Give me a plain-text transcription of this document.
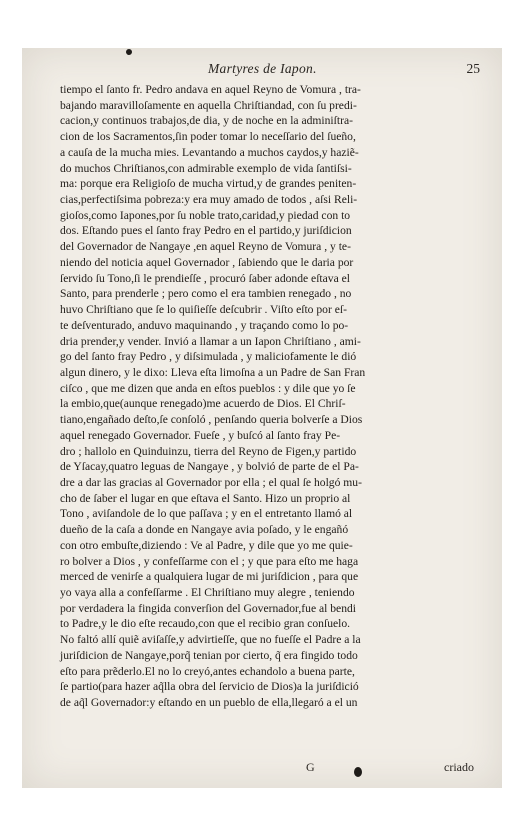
Martyres de Iapon.	25
tiempo el ſanto fr. Pedro andava en aquel Reyno de Vomura , tra-
bajando maravilloſamente en aquella Chriſtiandad, con ſu predi-
cacion,y continuos trabajos,de dia, y de noche en la adminiſtra-
cion de los Sacramentos,ſin poder tomar lo neceſſario del ſueño,
a cauſa de la mucha mies. Levantando a muchos caydos,y haziẽ-
do muchos Chriſtianos,con admirable exemplo de vida ſantiſsi-
ma: porque era Religioſo de mucha virtud,y de grandes peniten-
cias,perfectiſsima pobreza:y era muy amado de todos , aſsi Reli-
gioſos,como Iapones,por ſu noble trato,caridad,y piedad con to
dos. Eſtando pues el ſanto fray Pedro en el partido,y juriſdicion
del Governador de Nangaye ,en aquel Reyno de Vomura , y te-
niendo del noticia aquel Governador , ſabiendo que le daria por
ſervido ſu Tono,ſi le prendieſſe , procuró ſaber adonde eſtava el
Santo, para prenderle ; pero como el era tambien renegado , no
huvo Chriſtiano que ſe lo quiſieſſe deſcubrir . Viſto eſto por eſ-
te deſventurado, anduvo maquinando , y traçando como lo po-
dria prender,y vender. Invió a llamar a un Iapon Chriſtiano , ami-
go del ſanto fray Pedro , y diſsimulada , y maliciofamente le dió
algun dinero, y le dixo: Lleva eſta limoſna a un Padre de San Fran
ciſco , que me dizen que anda en eſtos pueblos : y dile que yo ſe
la embio,que(aunque renegado)me acuerdo de Dios. El Chriſ-
tiano,engañado deſto,ſe conſoló , penſando queria bolverſe a Dios
aquel renegado Governador. Fueſe , y buſcó al ſanto fray Pe-
dro ; hallolo en Quinduinzu, tierra del Reyno de Figen,y partido
de Yſacay,quatro leguas de Nangaye , y bolvió de parte de el Pa-
dre a dar las gracias al Governador por ella ; el qual ſe holgó mu-
cho de ſaber el lugar en que eſtava el Santo. Hizo un proprio al
Tono , aviſandole de lo que paſſava ; y en el entretanto llamó al
dueño de la caſa a donde en Nangaye avia poſado, y le engañó
con otro embuſte,diziendo : Ve al Padre, y dile que yo me quie-
ro bolver a Dios , y confeſſarme con el ; y que para eſto me haga
merced de venirſe a qualquiera lugar de mi juriſdicion , para que
yo vaya alla a confeſſarme . El Chriſtiano muy alegre , teniendo
por verdadera la fingida converſion del Governador,fue al bendi
to Padre,y le dio eſte recaudo,con que el recibio gran conſuelo.
No faltó allí quiẽ aviſaſſe,y advirtieſſe, que no fueſſe el Padre a la
juriſdicion de Nangaye,porq̃ tenian por cierto, q̃ era fingido todo
eſto para prẽderlo.El no lo creyó,antes echandolo a buena parte,
ſe partio(para hazer aq̃lla obra del ſervicio de Dios)a la juriſdició
de aq̃l Governador:y eſtando en un pueblo de ella,llegaró a el un
G	criado
